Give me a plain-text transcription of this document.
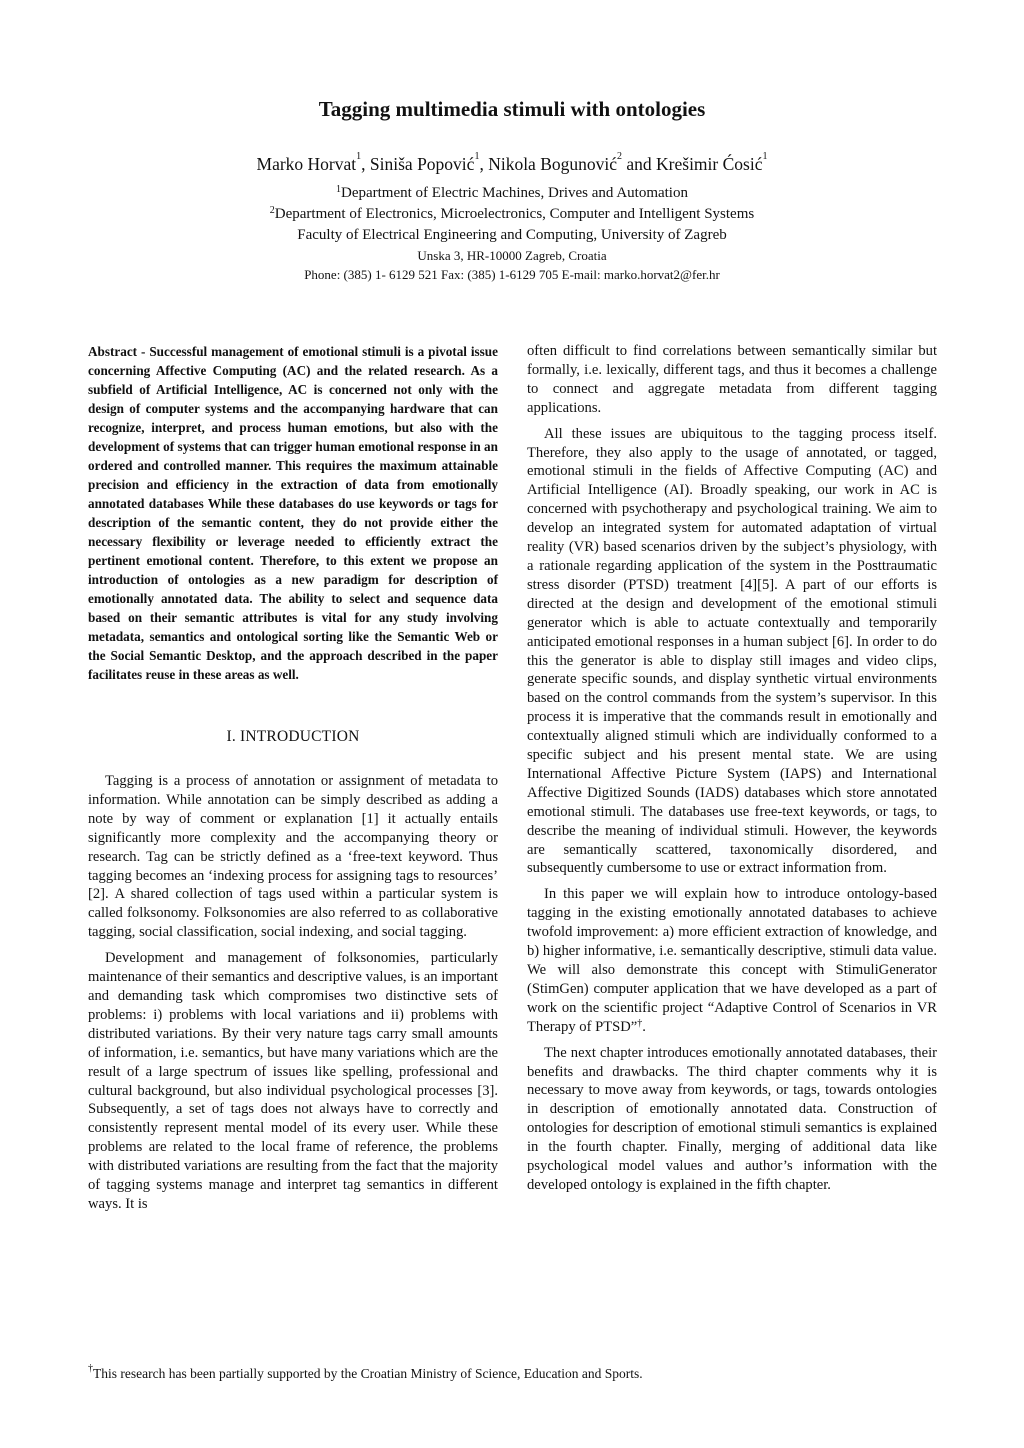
Tagging multimedia stimuli with ontologies
Marko Horvat$^1$, Siniša Popović$^1$, Nikola Bogunović$^2$ and Krešimir Ćosić$^1$
$^1$Department of Electric Machines, Drives and Automation
$^2$Department of Electronics, Microelectronics, Computer and Intelligent Systems
Faculty of Electrical Engineering and Computing, University of Zagreb
Unska 3, HR-10000 Zagreb, Croatia
Phone: (385) 1- 6129 521 Fax: (385) 1-6129 705 E-mail: marko.horvat2@fer.hr

Abstract - Successful management of emotional stimuli is a pivotal issue concerning Affective Computing (AC) and the related research. As a subfield of Artificial Intelligence, AC is concerned not only with the design of computer systems and the accompanying hardware that can recognize, interpret, and process human emotions, but also with the development of systems that can trigger human emotional response in an ordered and controlled manner. This requires the maximum attainable precision and efficiency in the extraction of data from emotionally annotated databases While these databases do use keywords or tags for description of the semantic content, they do not provide either the necessary flexibility or leverage needed to efficiently extract the pertinent emotional content. Therefore, to this extent we propose an introduction of ontologies as a new paradigm for description of emotionally annotated data. The ability to select and sequence data based on their semantic attributes is vital for any study involving metadata, semantics and ontological sorting like the Semantic Web or the Social Semantic Desktop, and the approach described in the paper facilitates reuse in these areas as well.

I. INTRODUCTION

Tagging is a process of annotation or assignment of metadata to information. While annotation can be simply described as adding a note by way of comment or explanation [1] it actually entails significantly more complexity and the accompanying theory or research. Tag can be strictly defined as a ‘free-text keyword. Thus tagging becomes an ‘indexing process for assigning tags to resources’ [2]. A shared collection of tags used within a particular system is called folksonomy. Folksonomies are also referred to as collaborative tagging, social classification, social indexing, and social tagging.

Development and management of folksonomies, particularly maintenance of their semantics and descriptive values, is an important and demanding task which compromises two distinctive sets of problems: i) problems with local variations and ii) problems with distributed variations. By their very nature tags carry small amounts of information, i.e. semantics, but have many variations which are the result of a large spectrum of issues like spelling, professional and cultural background, but also individual psychological processes [3]. Subsequently, a set of tags does not always have to correctly and consistently represent mental model of its every user. While these problems are related to the local frame of reference, the problems with distributed variations are resulting from the fact that the majority of tagging systems manage and interpret tag semantics in different ways. It is

often difficult to find correlations between semantically similar but formally, i.e. lexically, different tags, and thus it becomes a challenge to connect and aggregate metadata from different tagging applications.

All these issues are ubiquitous to the tagging process itself. Therefore, they also apply to the usage of annotated, or tagged, emotional stimuli in the fields of Affective Computing (AC) and Artificial Intelligence (AI). Broadly speaking, our work in AC is concerned with psychotherapy and psychological training. We aim to develop an integrated system for automated adaptation of virtual reality (VR) based scenarios driven by the subject’s physiology, with a rationale regarding application of the system in the Posttraumatic stress disorder (PTSD) treatment [4][5]. A part of our efforts is directed at the design and development of the emotional stimuli generator which is able to actuate contextually and temporarily anticipated emotional responses in a human subject [6]. In order to do this the generator is able to display still images and video clips, generate specific sounds, and display synthetic virtual environments based on the control commands from the system’s supervisor. In this process it is imperative that the commands result in emotionally and contextually aligned stimuli which are individually conformed to a specific subject and his present mental state. We are using International Affective Picture System (IAPS) and International Affective Digitized Sounds (IADS) databases which store annotated emotional stimuli. The databases use free-text keywords, or tags, to describe the meaning of individual stimuli. However, the keywords are semantically scattered, taxonomically disordered, and subsequently cumbersome to use or extract information from.

In this paper we will explain how to introduce ontology-based tagging in the existing emotionally annotated databases to achieve twofold improvement: a) more efficient extraction of knowledge, and b) higher informative, i.e. semantically descriptive, stimuli data value. We will also demonstrate this concept with StimuliGenerator (StimGen) computer application that we have developed as a part of work on the scientific project “Adaptive Control of Scenarios in VR Therapy of PTSD”†.

The next chapter introduces emotionally annotated databases, their benefits and drawbacks. The third chapter comments why it is necessary to move away from keywords, or tags, towards ontologies in description of emotionally annotated data. Construction of ontologies for description of emotional stimuli semantics is explained in the fourth chapter. Finally, merging of additional data like psychological model values and author’s information with the developed ontology is explained in the fifth chapter.

†This research has been partially supported by the Croatian Ministry of Science, Education and Sports.
